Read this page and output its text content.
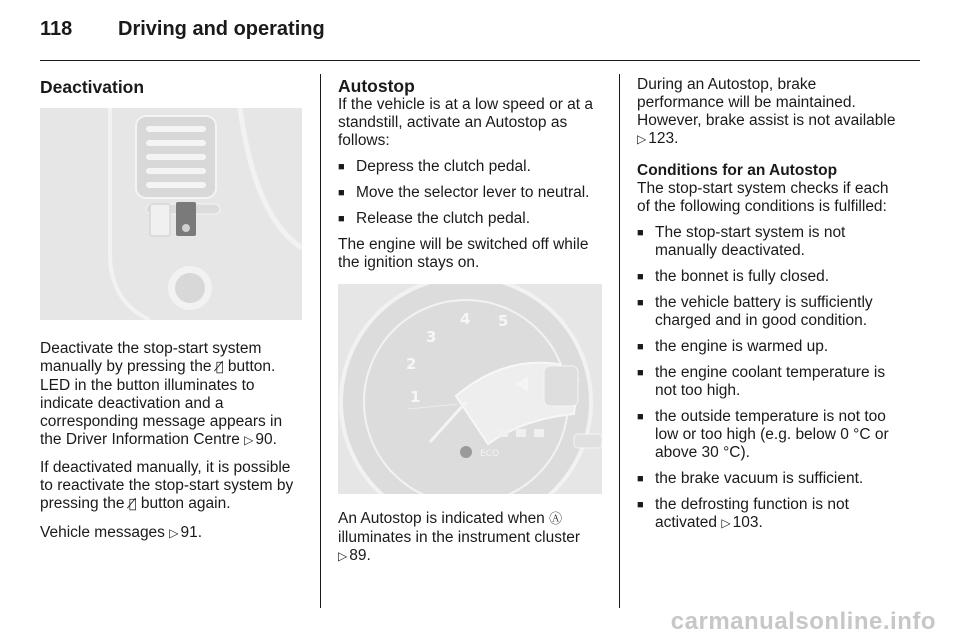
118 Driving and operating
Deactivation

Deactivate the stop-start system manually by pressing the Ⓐ̸ button. LED in the button illuminates to indicate deactivation and a corresponding message appears in the Driver Information Centre ▷ 90.

If deactivated manually, it is possible to reactivate the stop-start system by pressing the Ⓐ̸ button again.

Vehicle messages ▷ 91.

Autostop

If the vehicle is at a low speed or at a standstill, activate an Autostop as follows:

■ Depress the clutch pedal.
■ Move the selector lever to neutral.
■ Release the clutch pedal.

The engine will be switched off while the ignition stays on.

1
2
3
4 5
ECO

An Autostop is indicated when Ⓐ illuminates in the instrument cluster ▷ 89.

During an Autostop, brake performance will be maintained. However, brake assist is not available ▷ 123.

Conditions for an Autostop

The stop-start system checks if each of the following conditions is fulfilled:

■ The stop-start system is not manually deactivated.
■ the bonnet is fully closed.
■ the vehicle battery is sufficiently charged and in good condition.
■ the engine is warmed up.
■ the engine coolant temperature is not too high.
■ the outside temperature is not too low or too high (e.g. below 0 °C or above 30 °C).
■ the brake vacuum is sufficient.
■ the defrosting function is not activated ▷ 103.
carmanualsonline.info
